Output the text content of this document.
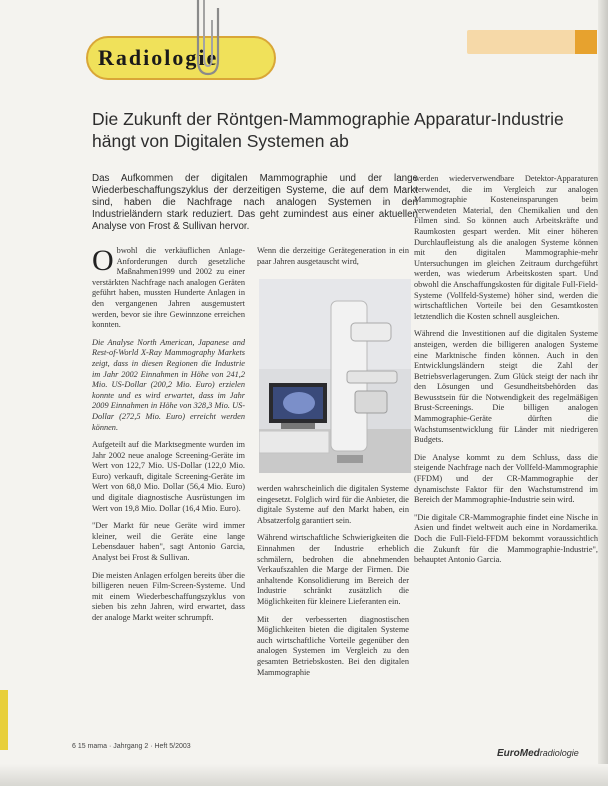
Radiologie
Die Zukunft der Röntgen-Mammographie Apparatur-Industrie hängt von Digitalen Systemen ab
Das Aufkommen der digitalen Mammographie und der lange Wiederbeschaffungszyklus der derzeitigen Systeme, die auf dem Markt sind, haben die Nachfrage nach analogen Systemen in den Industrieländern stark reduziert. Das geht zumindest aus einer aktuellen Analyse von Frost & Sullivan hervor.

Obwohl die verkäuflichen Anlage-Anforderungen durch gesetzliche Maßnahmen1999 und 2002 zu einer verstärkten Nachfrage nach analogen Geräten geführt haben, mussten Hunderte Anlagen in den vergangenen Jahren ausgemustert werden, bevor sie ihre Gewinnzone erreichen konnten.

Die Analyse North American, Japanese and Rest-of-World X-Ray Mammography Markets zeigt, dass in diesen Regionen die Industrie im Jahr 2002 Einnahmen in Höhe von 241,2 Mio. US-Dollar (200,2 Mio. Euro) erzielen konnte und es wird erwartet, dass im Jahr 2009 Einnahmen in Höhe von 328,3 Mio. US-Dollar (272,5 Mio. Euro) erreicht werden können.

Aufgeteilt auf die Marktsegmente wurden im Jahr 2002 neue analoge Screening-Geräte im Wert von 122,7 Mio. US-Dollar (122,0 Mio. Euro) verkauft, digitale Screening-Geräte im Wert von 68,0 Mio. Dollar (56,4 Mio. Euro) und digitale diagnostische Ausrüstungen im Wert von 19,8 Mio. Dollar (16,4 Mio. Euro).

"Der Markt für neue Geräte wird immer kleiner, weil die Geräte eine lange Lebensdauer haben", sagt Antonio Garcia, Analyst bei Frost & Sullivan.

Die meisten Anlagen erfolgen bereits über die billigeren neuen Film-Screen-Systeme. Und mit einem Wiederbeschaffungszyklus von sieben bis zehn Jahren, wird erwartet, dass der analoge Markt weiter schrumpft.

Wenn die derzeitige Gerätegeneration in ein paar Jahren ausgetauscht wird,

werden wahrscheinlich die digitalen Systeme eingesetzt. Folglich wird für die Anbieter, die digitale Systeme auf den Markt haben, ein Absatzerfolg garantiert sein.

Während wirtschaftliche Schwierigkeiten die Einnahmen der Industrie erheblich schmälern, bedrohen die abnehmenden Verkaufszahlen die Marge der Firmen. Die anhaltende Konsolidierung im Bereich der Industrie schränkt zusätzlich die Möglichkeiten für kleinere Lieferanten ein.

Mit der verbesserten diagnostischen Möglichkeiten bieten die digitalen Systeme auch wirtschaftliche Vorteile gegenüber den analogen Systemen im Vergleich zu den gesamten Betriebskosten. Bei den digitalen Mammographie

werden wiederverwendbare Detektor-Apparaturen verwendet, die im Vergleich zur analogen Mammographie Kosteneinsparungen beim verwendeten Material, den Chemikalien und den Filmen sind. So können auch Arbeitskräfte und Raumkosten gespart werden. Mit einer höheren Durchlaufleistung als die analogen Systeme können mit den digitalen Mammographie-mehr Untersuchungen im gleichen Zeitraum durchgeführt werden, was wiederum Arbeitskosten spart. Und obwohl die Anschaffungskosten für digitale Full-Field-Systeme (Vollfeld-Systeme) höher sind, werden die wirtschaftlichen Vorteile bei den Gesamtkosten letztendlich die Kosten schnell ausgleichen.

Während die Investitionen auf die digitalen Systeme ansteigen, werden die billigeren analogen Systeme eine Marktnische finden können. Auch in den Entwicklungsländern steigt die Zahl der Betriebsverlagerungen. Zum Glück steigt der nach ihr den Lösungen und Gesundheitsbehörden das Bewusstsein für die Notwendigkeit des regelmäßigen Brust-Screenings. Die billigen analogen Mammographie-Geräte dürften die Wachstumsentwicklung für Länder mit niedrigeren Budgets.

Die Analyse kommt zu dem Schluss, dass die steigende Nachfrage nach der Vollfeld-Mammographie (FFDM) und der CR-Mammographie der dynamischste Faktor für den Wachstumstrend im Bereich der Mammographie-Industrie sein wird.

"Die digitale CR-Mammographie findet eine Nische in Asien und findet weltweit auch eine in Nordamerika. Doch die Full-Field-FFDM bekommt voraussichtlich die Zukunft für die Mammographie-Industrie", behauptet Antonio Garcia.

6 15 mama · Jahrgang 2 · Heft 5/2003
EuroMedradiologie
